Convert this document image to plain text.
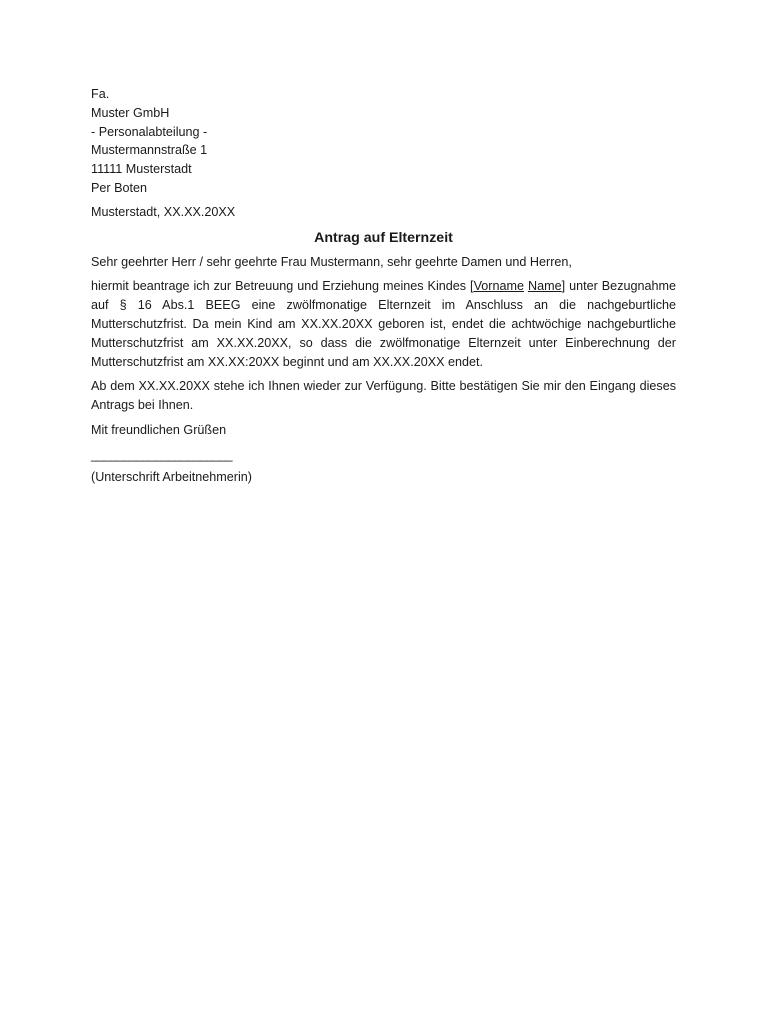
Fa.

Muster GmbH

- Personalabteilung -

Mustermannstraße 1

11111 Musterstadt

Per Boten

Musterstadt, XX.XX.20XX

Antrag auf Elternzeit

Sehr geehrter Herr / sehr geehrte Frau Mustermann, sehr geehrte Damen und Herren,

hiermit beantrage ich zur Betreuung und Erziehung meines Kindes [Vorname Name] unter Bezugnahme auf § 16 Abs.1 BEEG eine zwölfmonatige Elternzeit im Anschluss an die nachgeburtliche Mutterschutzfrist. Da mein Kind am XX.XX.20XX geboren ist, endet die achtwöchige nachgeburtliche Mutterschutzfrist am XX.XX.20XX, so dass die zwölfmonatige Elternzeit unter Einberechnung der Mutterschutzfrist am XX.XX:20XX beginnt und am XX.XX.20XX endet.

Ab dem XX.XX.20XX stehe ich Ihnen wieder zur Verfügung. Bitte bestätigen Sie mir den Eingang dieses Antrags bei Ihnen.

Mit freundlichen Grüßen

______________________

(Unterschrift Arbeitnehmerin)
